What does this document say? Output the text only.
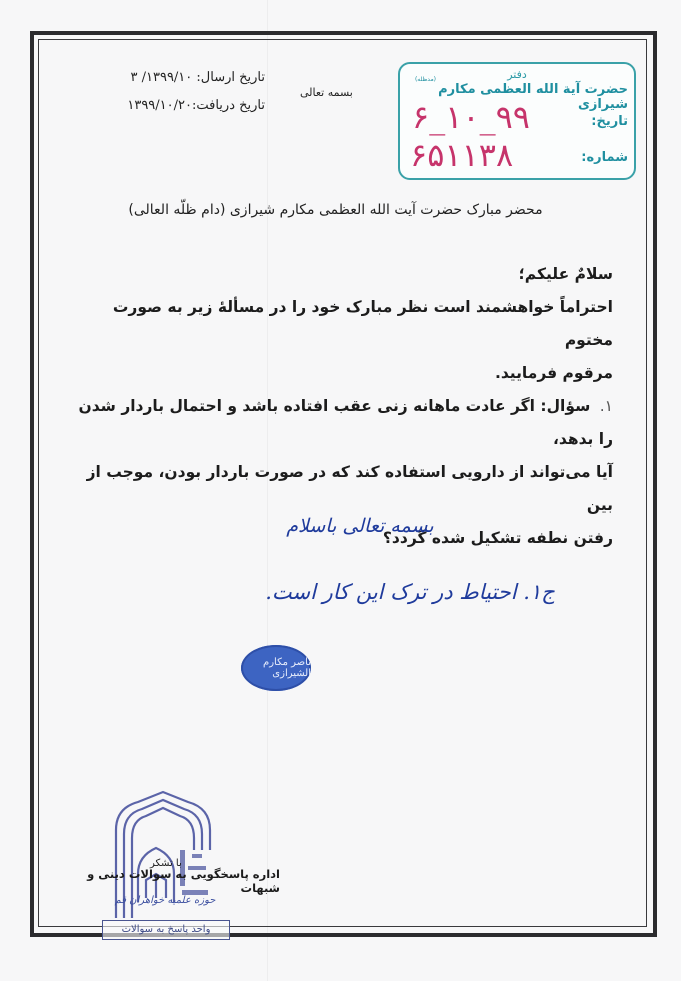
دفتر
(مدظله)
حضرت آیة الله العظمی مکارم شیرازی
تاریخ:
۹۹_۱۰_۶
شماره:
۶۵۱۱۳۸
بسمه تعالی
تاریخ ارسال: ۱۳۹۹/۱۰/ ۳
تاریخ دریافت:۱۳۹۹/۱۰/۲۰
محضر مبارک حضرت آیت الله العظمی مکارم شیرازی (دام ظلّه العالی)
سلامٌ علیکم؛
احتراماً خواهشمند است نظر مبارک خود را در مسألۀ زیر به صورت مختوم
مرقوم فرمایید.
۱. سؤال: اگر عادت ماهانه زنی عقب افتاده باشد و احتمال باردار شدن را بدهد،
آیا می‌تواند از دارویی استفاده کند که در صورت باردار بودن، موجب از بین
رفتن نطفه تشکیل شده گردد؟
بسمه تعالی باسلام
ج۱. احتیاط در ترک این کار است.
ناصر مکارم الشیرازی
با تشکر
اداره پاسخگویی به سوالات دینی و شبهات
حوزه علمیه خواهران قم
واحد پاسخ به سوالات
